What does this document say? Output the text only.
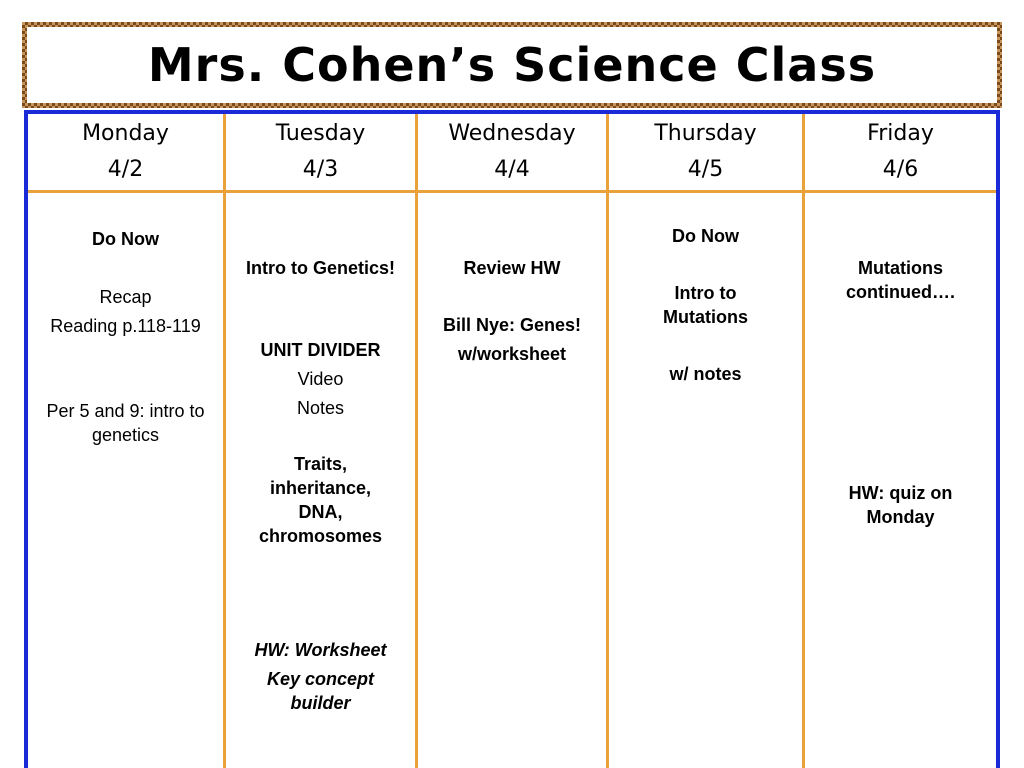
Mrs. Cohen’s Science Class
Monday
4/2
Tuesday
4/3
Wednesday
4/4
Thursday
4/5
Friday
4/6
Do Now
Recap
Reading p.118-119
Per 5 and 9: intro to genetics
Intro to Genetics!
UNIT DIVIDER
Video
Notes
Traits, inheritance, DNA, chromosomes
HW: Worksheet
Key concept builder
Review HW
Bill Nye: Genes!
w/worksheet
Do Now
Intro to Mutations
w/ notes
Mutations continued….
HW: quiz on Monday
